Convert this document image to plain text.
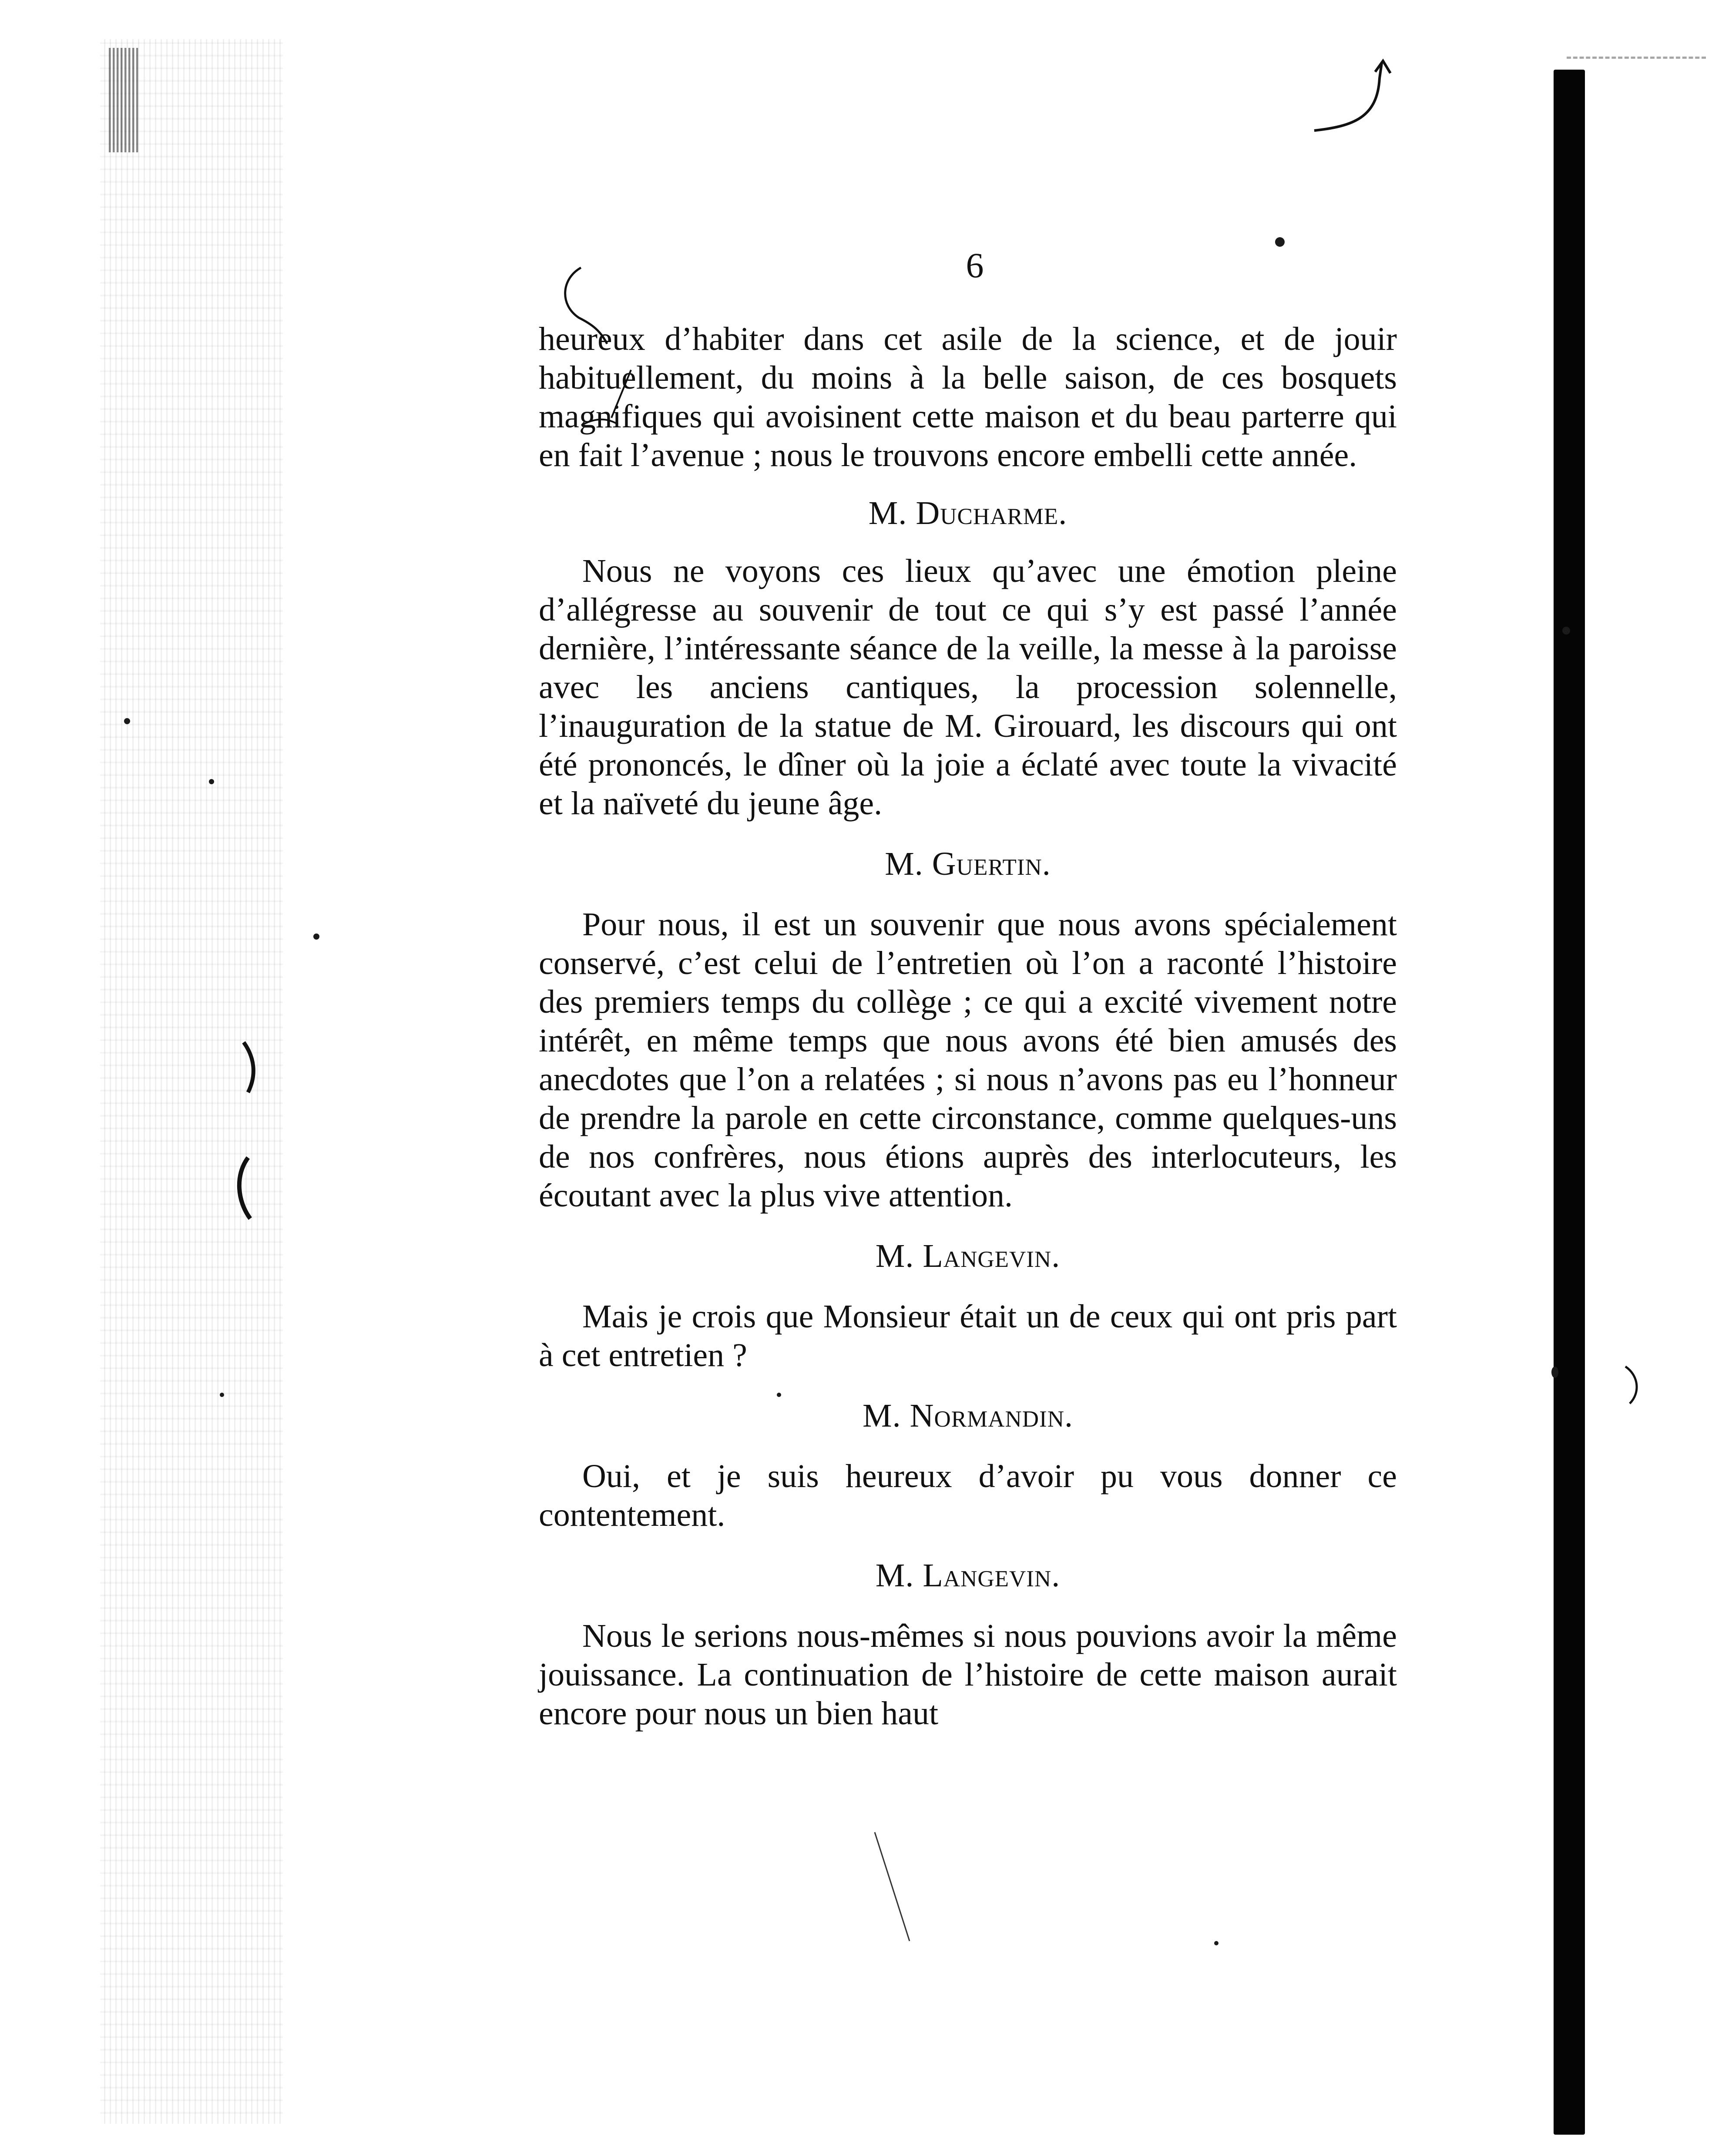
6

heureux d’habiter dans cet asile de la science, et de jouir habituellement, du moins à la belle saison, de ces bosquets magnifiques qui avoisinent cette maison et du beau parterre qui en fait l’avenue ; nous le trouvons encore embelli cette année.

M. Ducharme.

Nous ne voyons ces lieux qu’avec une émotion pleine d’allégresse au souvenir de tout ce qui s’y est passé l’année dernière, l’intéressante séance de la veille, la messe à la paroisse avec les anciens cantiques, la procession solennelle, l’inauguration de la statue de M. Girouard, les discours qui ont été prononcés, le dîner où la joie a éclaté avec toute la vivacité et la naïveté du jeune âge.

M. Guertin.

Pour nous, il est un souvenir que nous avons spécialement conservé, c’est celui de l’entretien où l’on a raconté l’histoire des premiers temps du collège ; ce qui a excité vivement notre intérêt, en même temps que nous avons été bien amusés des anecdotes que l’on a relatées ; si nous n’avons pas eu l’honneur de prendre la parole en cette circonstance, comme quelques-uns de nos confrères, nous étions auprès des interlocuteurs, les écoutant avec la plus vive attention.

M. Langevin.

Mais je crois que Monsieur était un de ceux qui ont pris part à cet entretien ?

M. Normandin.

Oui, et je suis heureux d’avoir pu vous donner ce contentement.

M. Langevin.

Nous le serions nous-mêmes si nous pouvions avoir la même jouissance. La continuation de l’histoire de cette maison aurait encore pour nous un bien haut
